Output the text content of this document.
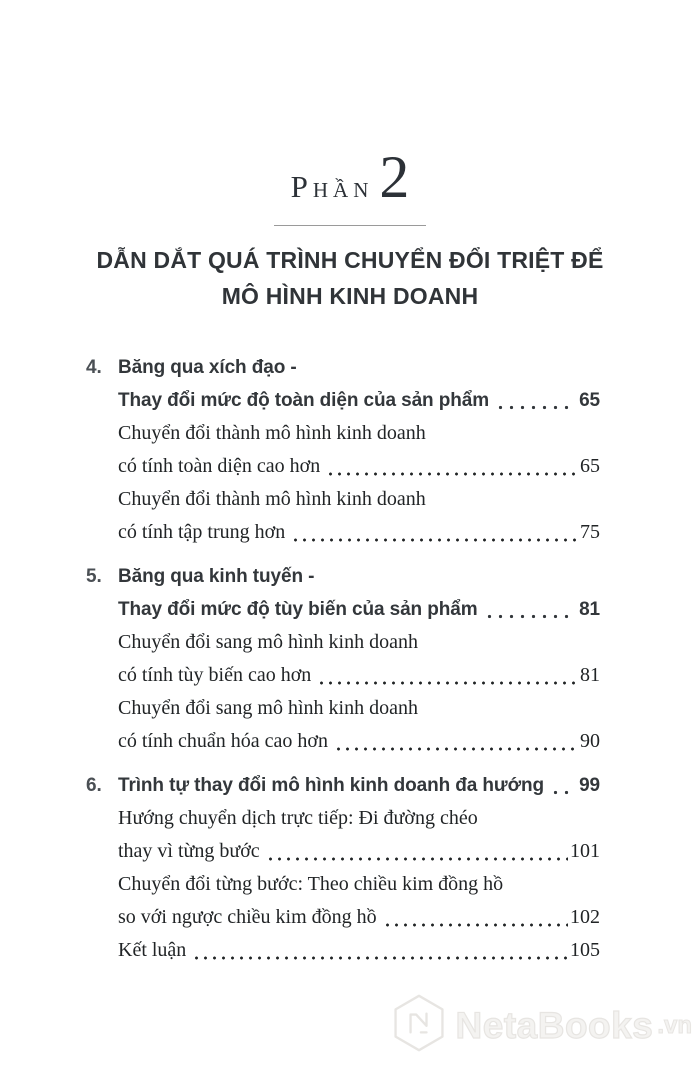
PHẦN 2
DẪN DẮT QUÁ TRÌNH CHUYỂN ĐỔI TRIỆT ĐỂ
MÔ HÌNH KINH DOANH
4. Băng qua xích đạo -
Thay đổi mức độ toàn diện của sản phẩm	65
Chuyển đổi thành mô hình kinh doanh
có tính toàn diện cao hơn	65
Chuyển đổi thành mô hình kinh doanh
có tính tập trung hơn	75
5. Băng qua kinh tuyến -
Thay đổi mức độ tùy biến của sản phẩm	81
Chuyển đổi sang mô hình kinh doanh
có tính tùy biến cao hơn	81
Chuyển đổi sang mô hình kinh doanh
có tính chuẩn hóa cao hơn	90
6. Trình tự thay đổi mô hình kinh doanh đa hướng 99
Hướng chuyển dịch trực tiếp: Đi đường chéo
thay vì từng bước	101
Chuyển đổi từng bước: Theo chiều kim đồng hồ
so với ngược chiều kim đồng hồ	102
Kết luận	105
NetaBooks .vn
